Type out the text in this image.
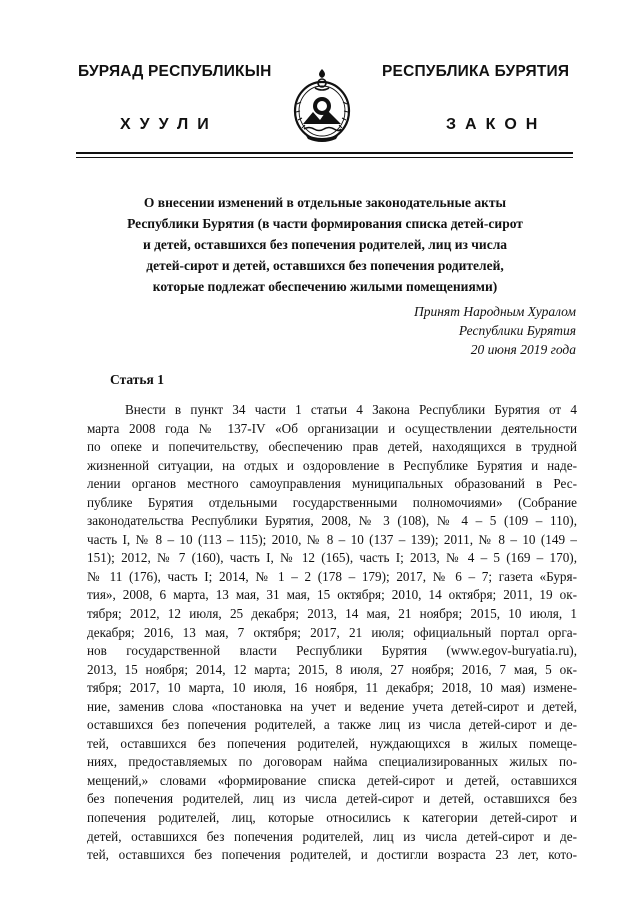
БУРЯАД РЕСПУБЛИКЫН	РЕСПУБЛИКА БУРЯТИЯ
ХУУЛИ	ЗАКОН
О внесении изменений в отдельные законодательные акты
Республики Бурятия (в части формирования списка детей-сирот
и детей, оставшихся без попечения родителей, лиц из числа
детей-сирот и детей, оставшихся без попечения родителей,
которые подлежат обеспечению жилыми помещениями)
Принят Народным Хуралом
Республики Бурятия
20 июня 2019 года
Статья 1
Внести в пункт 34 части 1 статьи 4 Закона Республики Бурятия от 4
марта 2008 года № 137-IV «Об организации и осуществлении деятельности
по опеке и попечительству, обеспечению прав детей, находящихся в трудной
жизненной ситуации, на отдых и оздоровление в Республике Бурятия и наде-
лении органов местного самоуправления муниципальных образований в Рес-
публике Бурятия отдельными государственными полномочиями» (Собрание
законодательства Республики Бурятия, 2008, № 3 (108), № 4 – 5 (109 – 110),
часть I, № 8 – 10 (113 – 115); 2010, № 8 – 10 (137 – 139); 2011, № 8 – 10 (149 –
151); 2012, № 7 (160), часть I, № 12 (165), часть I; 2013, № 4 – 5 (169 – 170),
№ 11 (176), часть I; 2014, № 1 – 2 (178 – 179); 2017, № 6 – 7; газета «Буря-
тия», 2008, 6 марта, 13 мая, 31 мая, 15 октября; 2010, 14 октября; 2011, 19 ок-
тября; 2012, 12 июля, 25 декабря; 2013, 14 мая, 21 ноября; 2015, 10 июля, 1
декабря; 2016, 13 мая, 7 октября; 2017, 21 июля; официальный портал орга-
нов государственной власти Республики Бурятия (www.egov-buryatia.ru),
2013, 15 ноября; 2014, 12 марта; 2015, 8 июля, 27 ноября; 2016, 7 мая, 5 ок-
тября; 2017, 10 марта, 10 июля, 16 ноября, 11 декабря; 2018, 10 мая) измене-
ние, заменив слова «постановка на учет и ведение учета детей-сирот и детей,
оставшихся без попечения родителей, а также лиц из числа детей-сирот и де-
тей, оставшихся без попечения родителей, нуждающихся в жилых помеще-
ниях, предоставляемых по договорам найма специализированных жилых по-
мещений,» словами «формирование списка детей-сирот и детей, оставшихся
без попечения родителей, лиц из числа детей-сирот и детей, оставшихся без
попечения родителей, лиц, которые относились к категории детей-сирот и
детей, оставшихся без попечения родителей, лиц из числа детей-сирот и де-
тей, оставшихся без попечения родителей, и достигли возраста 23 лет, кото-
